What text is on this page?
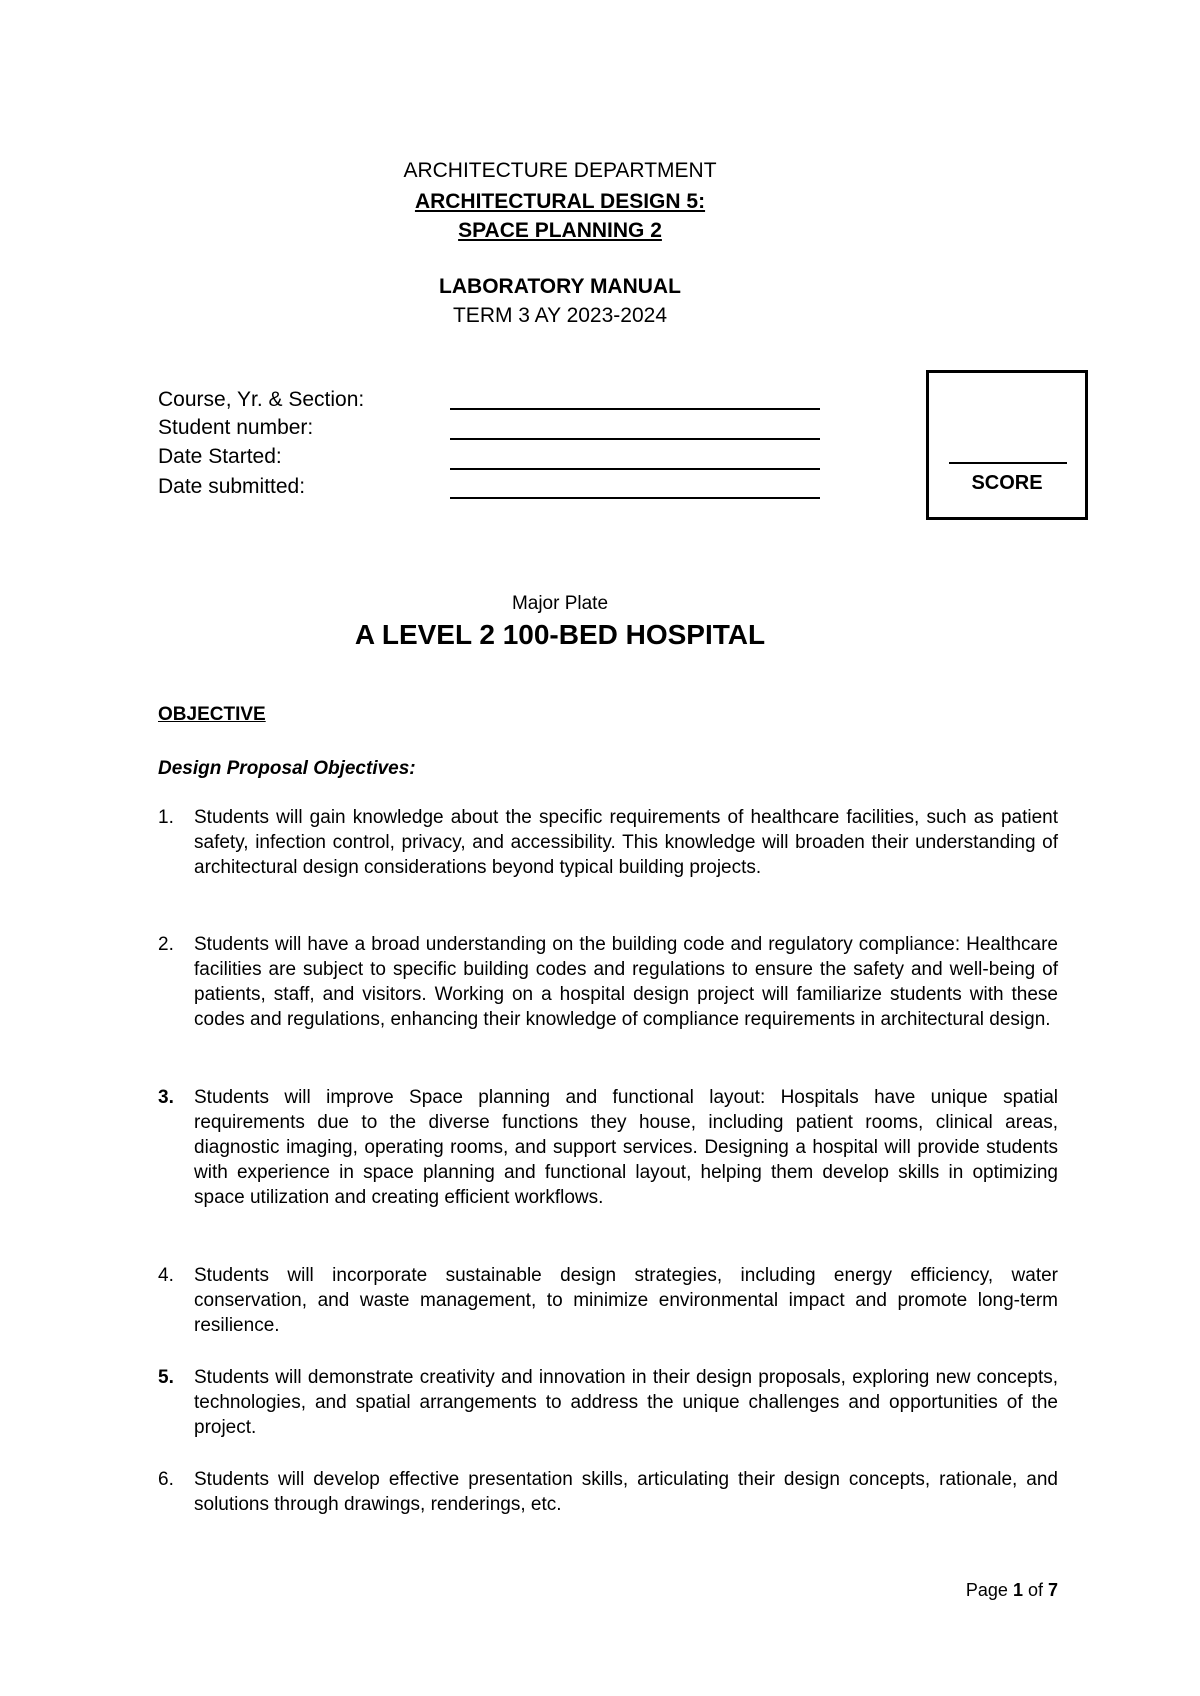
ARCHITECTURE DEPARTMENT
ARCHITECTURAL DESIGN 5:
SPACE PLANNING 2
LABORATORY MANUAL
TERM 3 AY 2023-2024
Course, Yr. & Section:
Student number:
Date Started:
Date submitted:	SCORE
Major Plate
A LEVEL 2 100-BED HOSPITAL
OBJECTIVE
Design Proposal Objectives:
1.	Students will gain knowledge about the specific requirements of healthcare facilities, such as patient safety, infection control, privacy, and accessibility. This knowledge will broaden their understanding of architectural design considerations beyond typical building projects.
2.	Students will have a broad understanding on the building code and regulatory compliance: Healthcare facilities are subject to specific building codes and regulations to ensure the safety and well-being of patients, staff, and visitors. Working on a hospital design project will familiarize students with these codes and regulations, enhancing their knowledge of compliance requirements in architectural design.
3.	Students will improve Space planning and functional layout: Hospitals have unique spatial requirements due to the diverse functions they house, including patient rooms, clinical areas, diagnostic imaging, operating rooms, and support services. Designing a hospital will provide students with experience in space planning and functional layout, helping them develop skills in optimizing space utilization and creating efficient workflows.
4.	Students will incorporate sustainable design strategies, including energy efficiency, water conservation, and waste management, to minimize environmental impact and promote long-term resilience.
5.	Students will demonstrate creativity and innovation in their design proposals, exploring new concepts, technologies, and spatial arrangements to address the unique challenges and opportunities of the project.
6.	Students will develop effective presentation skills, articulating their design concepts, rationale, and solutions through drawings, renderings, etc.
Page 1 of 7
